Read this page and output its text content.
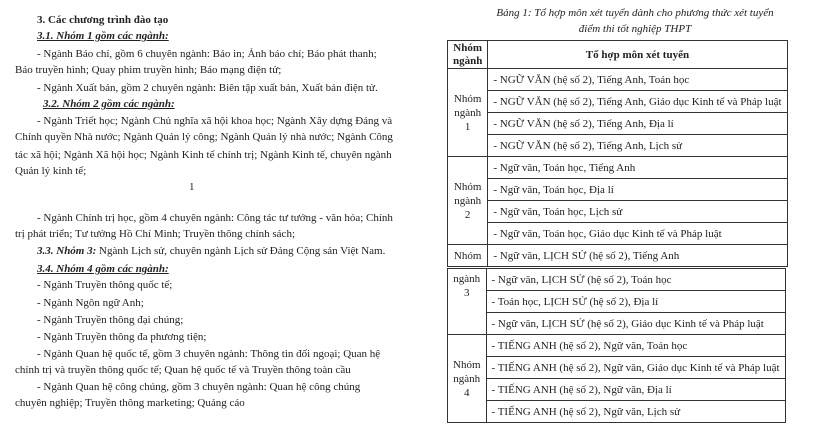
3. Các chương trình đào tạo
3.1. Nhóm 1 gồm các ngành:
- Ngành Báo chí, gồm 6 chuyên ngành: Báo in; Ảnh báo chí; Báo phát thanh;
Báo truyền hình; Quay phim truyền hình; Báo mạng điện tử;
- Ngành Xuất bản, gồm 2 chuyên ngành: Biên tập xuất bản, Xuất bản điện tử.
3.2. Nhóm 2 gồm các ngành:
- Ngành Triết học; Ngành Chủ nghĩa xã hội khoa học; Ngành Xây dựng Đảng và
Chính quyền Nhà nước; Ngành Quản lý công; Ngành Quản lý nhà nước; Ngành Công
tác xã hội; Ngành Xã hội học; Ngành Kinh tế chính trị; Ngành Kinh tế, chuyên ngành
Quản lý kinh tế;
1
- Ngành Chính trị học, gồm 4 chuyên ngành: Công tác tư tưởng - văn hóa; Chính
trị phát triển; Tư tưởng Hồ Chí Minh; Truyền thông chính sách;
3.3. Nhóm 3: Ngành Lịch sử, chuyên ngành Lịch sử Đảng Cộng sản Việt Nam.
3.4. Nhóm 4 gồm các ngành:
- Ngành Truyền thông quốc tế;
- Ngành Ngôn ngữ Anh;
- Ngành Truyền thông đại chúng;
- Ngành Truyền thông đa phương tiện;
- Ngành Quan hệ quốc tế, gồm 3 chuyên ngành: Thông tin đối ngoại; Quan hệ
chính trị và truyền thông quốc tế; Quan hệ quốc tế và Truyền thông toàn cầu
- Ngành Quan hệ công chúng, gồm 3 chuyên ngành: Quan hệ công chúng
chuyên nghiệp; Truyền thông marketing; Quảng cáo
Bảng 1: Tổ hợp môn xét tuyển dành cho phương thức xét tuyển
điểm thi tốt nghiệp THPT
Nhóm ngành	Tổ hợp môn xét tuyển
Nhóm ngành 1	- NGỮ VĂN (hệ số 2), Tiếng Anh, Toán học
	- NGỮ VĂN (hệ số 2), Tiếng Anh, Giáo dục Kinh tế và Pháp luật
	- NGỮ VĂN (hệ số 2), Tiếng Anh, Địa lí
	- NGỮ VĂN (hệ số 2), Tiếng Anh, Lịch sử
Nhóm ngành 2	- Ngữ văn, Toán học, Tiếng Anh
	- Ngữ văn, Toán học, Địa lí
	- Ngữ văn, Toán học, Lịch sử
	- Ngữ văn, Toán học, Giáo dục Kinh tế và Pháp luật
Nhóm	- Ngữ văn, LỊCH SỬ (hệ số 2), Tiếng Anh
ngành 3	- Ngữ văn, LỊCH SỬ (hệ số 2), Toán học
	- Toán học, LỊCH SỬ (hệ số 2), Địa lí
	- Ngữ văn, LỊCH SỬ (hệ số 2), Giáo dục Kinh tế và Pháp luật
Nhóm ngành 4	- TIẾNG ANH (hệ số 2), Ngữ văn, Toán học
	- TIẾNG ANH (hệ số 2), Ngữ văn, Giáo dục Kinh tế và Pháp luật
	- TIẾNG ANH (hệ số 2), Ngữ văn, Địa lí
	- TIẾNG ANH (hệ số 2), Ngữ văn, Lịch sử
